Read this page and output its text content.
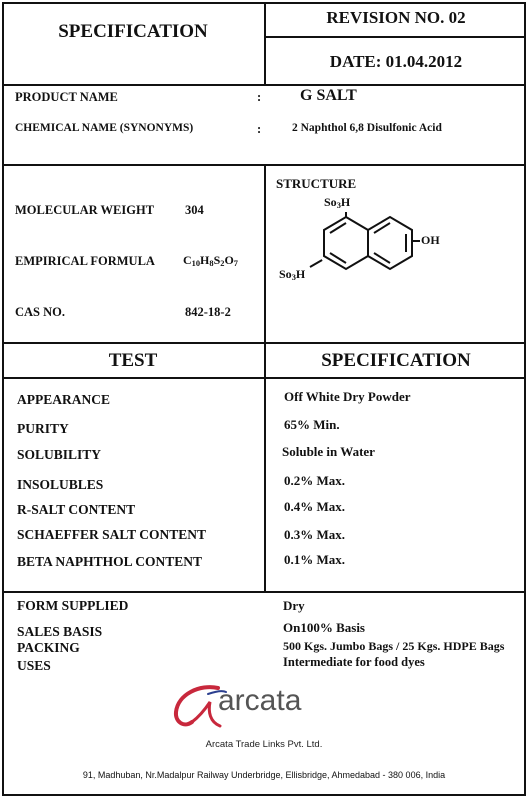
SPECIFICATION
REVISION NO. 02
DATE: 01.04.2012
PRODUCT NAME	: G SALT
CHEMICAL NAME (SYNONYMS)	:	2 Naphthol 6,8 Disulfonic Acid
MOLECULAR WEIGHT 304
EMPIRICAL FORMULA $C_{10}H_8S_2O_7$
CAS NO.	842-18-2
STRUCTURE
$So_3H$
OH
$So_3H$
TEST	SPECIFICATION
APPEARANCE	Off White Dry Powder
PURITY	65% Min.
SOLUBILITY	Soluble in Water
INSOLUBLES	0.2% Max.
R-SALT CONTENT	0.4% Max.
SCHAEFFER SALT CONTENT	0.3% Max.
BETA NAPHTHOL CONTENT	0.1% Max.
FORM SUPPLIED	Dry
SALES BASIS	On100% Basis
PACKING	500 Kgs. Jumbo Bags / 25 Kgs. HDPE Bags
USES	Intermediate for food dyes
arcata
Arcata Trade Links Pvt. Ltd.
91, Madhuban, Nr.Madalpur Railway Underbridge, Ellisbridge, Ahmedabad - 380 006, India
